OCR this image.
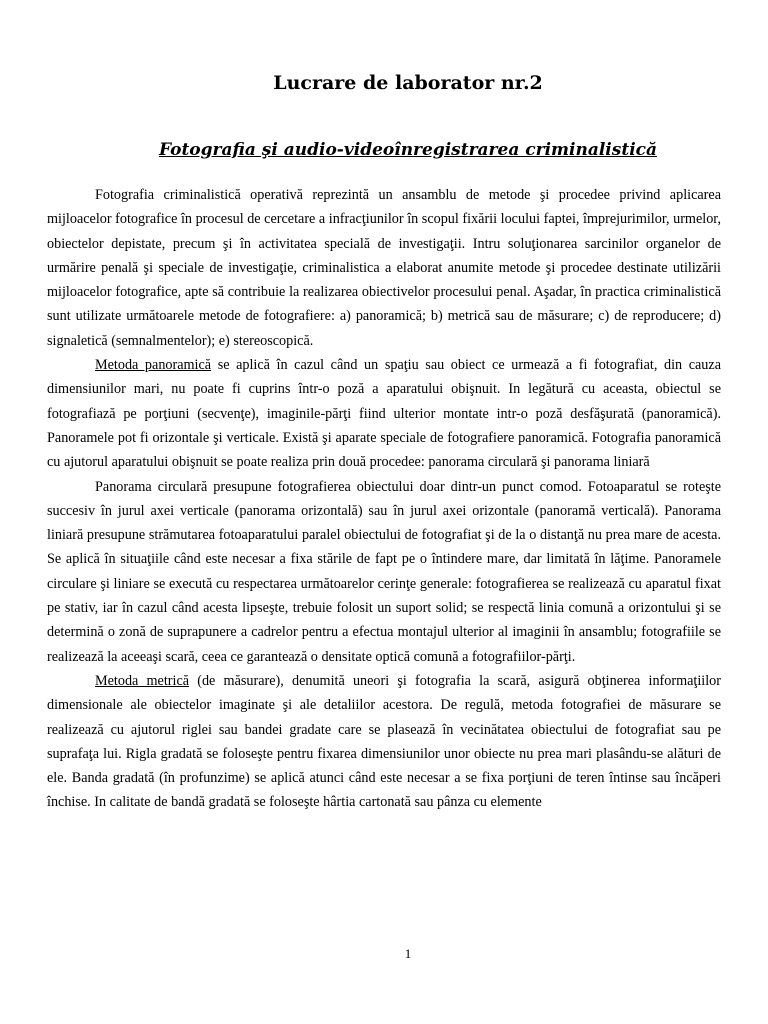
Lucrare de laborator nr.2
Fotografia şi audio-videoînregistrarea criminalistică

Fotografia criminalistică operativă reprezintă un ansamblu de metode şi procedee privind aplicarea mijloacelor fotografice în procesul de cercetare a infracţiunilor în scopul fixării locului faptei, împrejurimilor, urmelor, obiectelor depistate, precum şi în activitatea specială de investigaţii. Intru soluţionarea sarcinilor organelor de urmărire penală şi speciale de investigaţie, criminalistica a elaborat anumite metode şi procedee destinate utilizării mijloacelor fotografice, apte să contribuie la realizarea obiectivelor procesului penal. Aşadar, în practica criminalistică sunt utilizate următoarele metode de fotografiere: a) panoramică; b) metrică sau de măsurare; c) de reproducere; d) signaletică (semnalmentelor); e) stereoscopică.

Metoda panoramică se aplică în cazul când un spaţiu sau obiect ce urmează a fi fotografiat, din cauza dimensiunilor mari, nu poate fi cuprins într-o poză a aparatului obişnuit. In legătură cu aceasta, obiectul se fotografiază pe porţiuni (secvenţe), imaginile-părţi fiind ulterior montate intr-o poză desfăşurată (panoramică). Panoramele pot fi orizontale şi verticale. Există şi aparate speciale de fotografiere panoramică. Fotografia panoramică cu ajutorul aparatului obişnuit se poate realiza prin două procedee: panorama circulară şi panorama liniară

Panorama circulară presupune fotografierea obiectului doar dintr-un punct comod. Fotoaparatul se roteşte succesiv în jurul axei verticale (panorama orizontală) sau în jurul axei orizontale (panoramă verticală). Panorama liniară presupune strămutarea fotoaparatului paralel obiectului de fotografiat şi de la o distanţă nu prea mare de acesta. Se aplică în situaţiile când este necesar a fixa stările de fapt pe o întindere mare, dar limitată în lăţime. Panoramele circulare şi liniare se execută cu respectarea următoarelor cerinţe generale: fotografierea se realizează cu aparatul fixat pe stativ, iar în cazul când acesta lipseşte, trebuie folosit un suport solid; se respectă linia comună a orizontului şi se determină o zonă de suprapunere a cadrelor pentru a efectua montajul ulterior al imaginii în ansamblu; fotografiile se realizează la aceeaşi scară, ceea ce garantează o densitate optică comună a fotografiilor-părţi.

Metoda metrică (de măsurare), denumită uneori şi fotografia la scară, asigură obţinerea informaţiilor dimensionale ale obiectelor imaginate şi ale detaliilor acestora. De regulă, metoda fotografiei de măsurare se realizează cu ajutorul riglei sau bandei gradate care se plasează în vecinătatea obiectului de fotografiat sau pe suprafaţa lui. Rigla gradată se foloseşte pentru fixarea dimensiunilor unor obiecte nu prea mari plasându-se alături de ele. Banda gradată (în profunzime) se aplică atunci când este necesar a se fixa porţiuni de teren întinse sau încăperi închise. In calitate de bandă gradată se foloseşte hârtia cartonată sau pânza cu elemente

1
